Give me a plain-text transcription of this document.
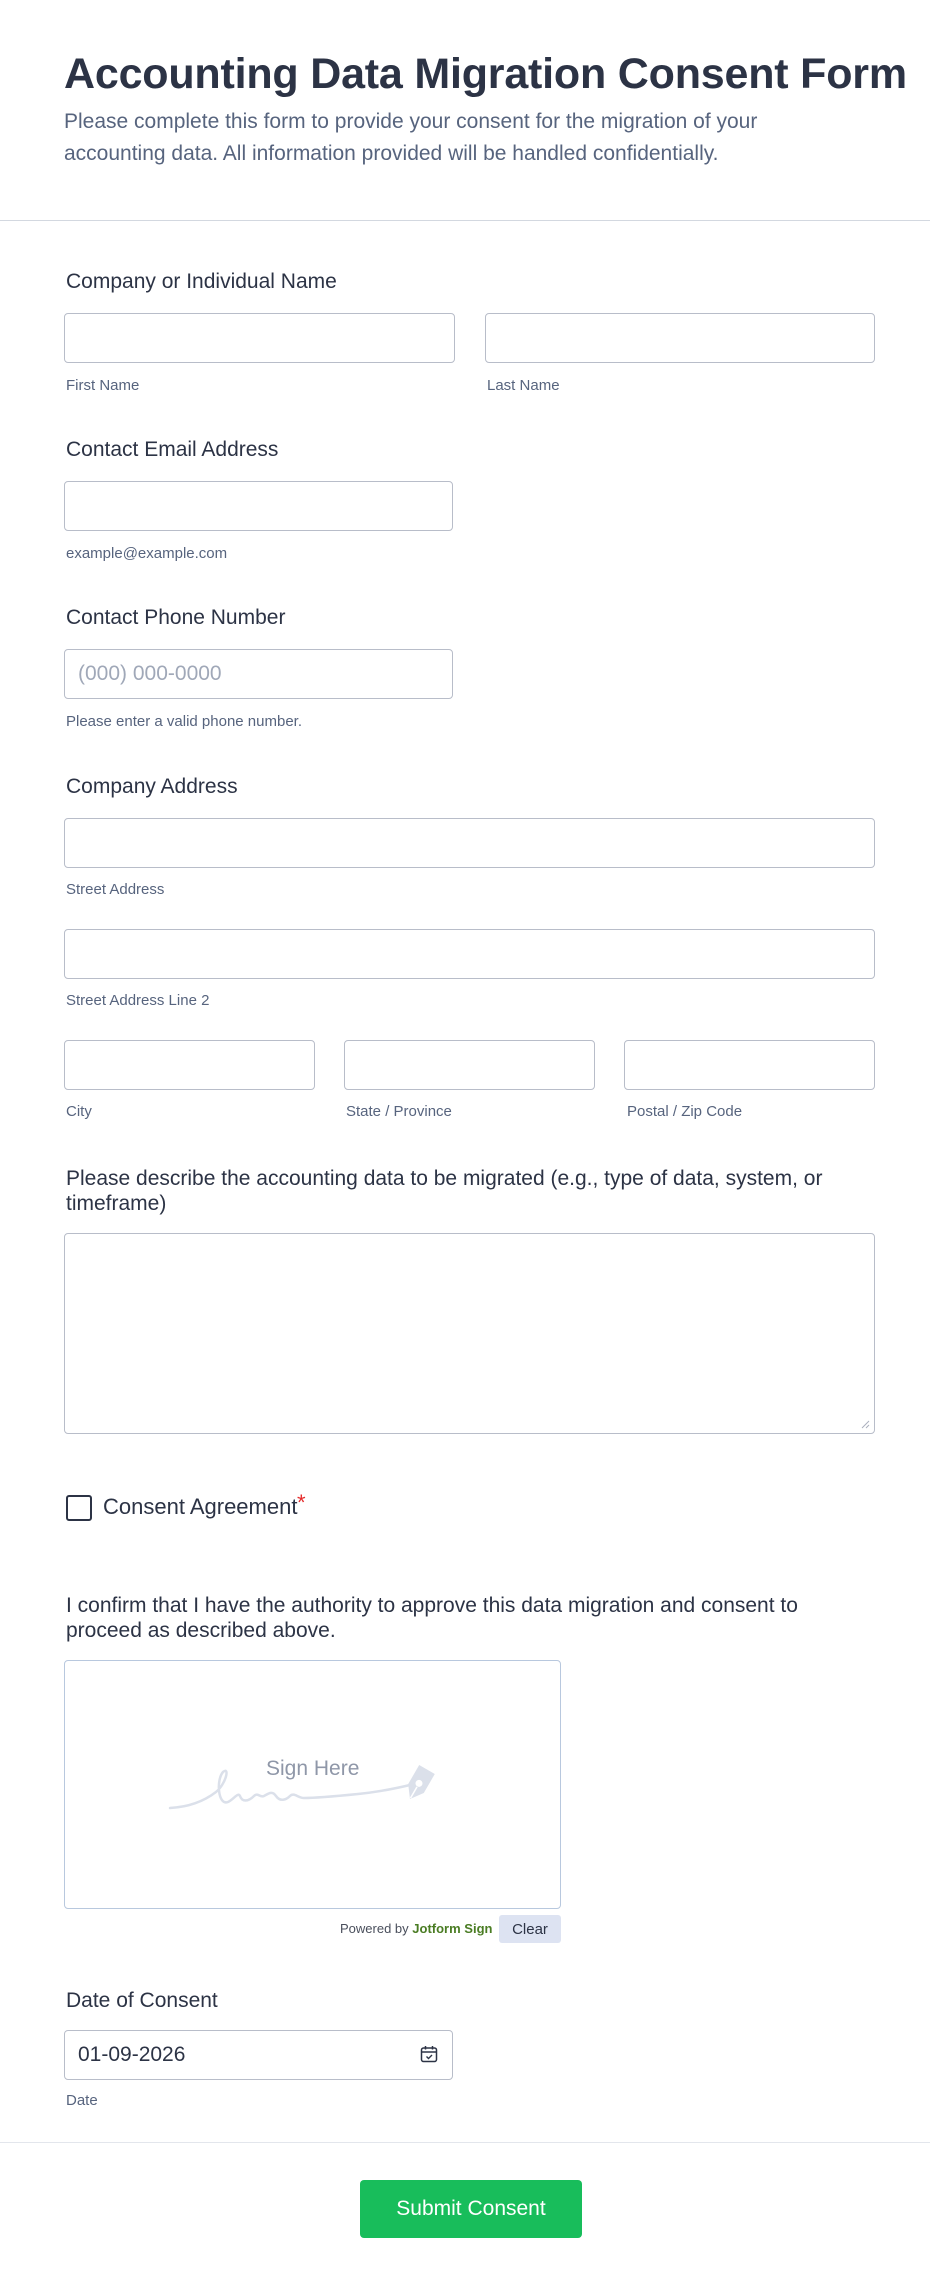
Accounting Data Migration Consent Form

Please complete this form to provide your consent for the migration of your accounting data. All information provided will be handled confidentially.

Company or Individual Name
First Name	Last Name
Contact Email Address
example@example.com
Contact Phone Number
(000) 000-0000
Please enter a valid phone number.
Company Address
Street Address
Street Address Line 2
City	State / Province	Postal / Zip Code
Please describe the accounting data to be migrated (e.g., type of data, system, or timeframe)
Consent Agreement *
I confirm that I have the authority to approve this data migration and consent to proceed as described above.
Sign Here
Powered by Jotform Sign	Clear
Date of Consent
01-09-2026
Date
Submit Consent
